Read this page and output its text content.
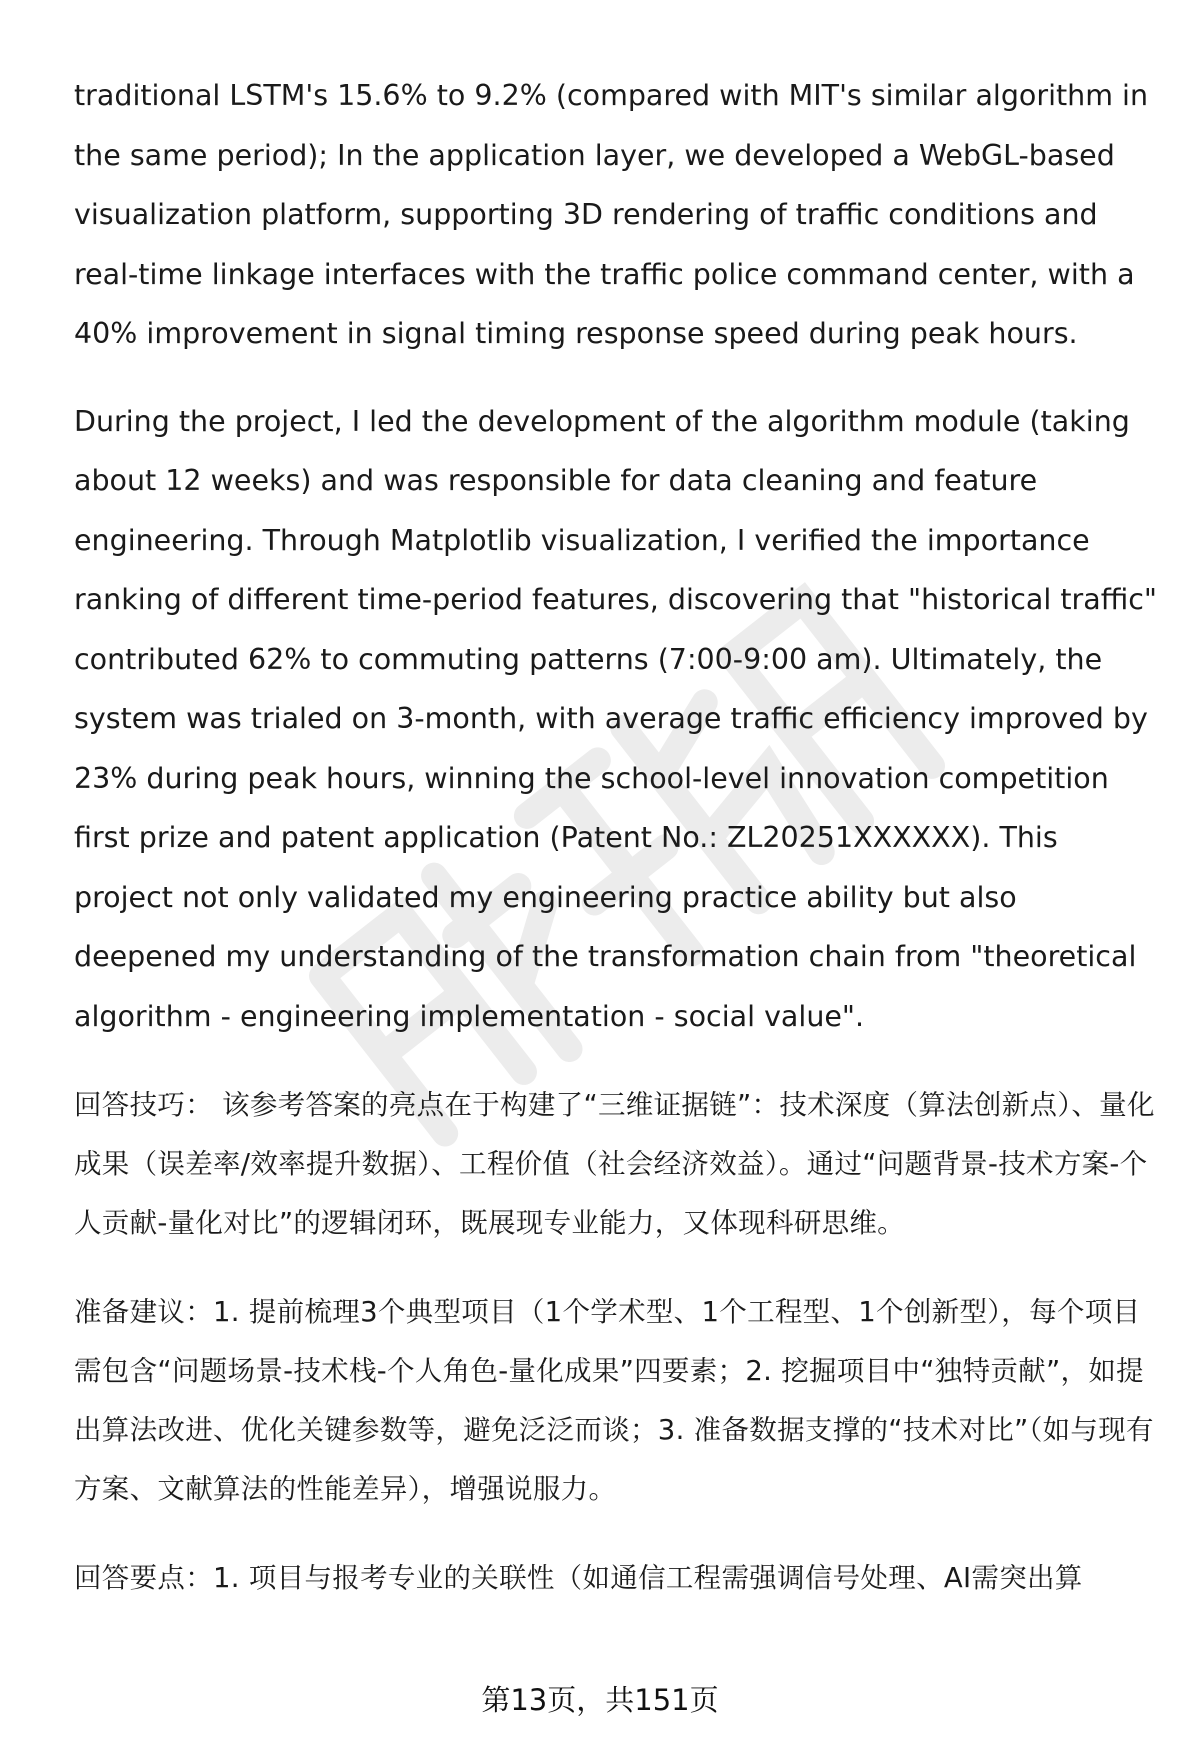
traditional LSTM's 15.6% to 9.2% (compared with MIT's similar algorithm in the same period); In the application layer, we developed a WebGL-based visualization platform, supporting 3D rendering of traffic conditions and real-time linkage interfaces with the traffic police command center, with a 40% improvement in signal timing response speed during peak hours.

During the project, I led the development of the algorithm module (taking about 12 weeks) and was responsible for data cleaning and feature engineering. Through Matplotlib visualization, I verified the importance ranking of different time-period features, discovering that "historical traffic" contributed 62% to commuting patterns (7:00-9:00 am). Ultimately, the system was trialed on 3-month, with average traffic efficiency improved by 23% during peak hours, winning the school-level innovation competition first prize and patent application (Patent No.: ZL20251XXXXXX). This project not only validated my engineering practice ability but also deepened my understanding of the transformation chain from "theoretical algorithm - engineering implementation - social value".

回答技巧： 该参考答案的亮点在于构建了“三维证据链”：技术深度（算法创新点）、量化成果（误差率/效率提升数据）、工程价值（社会经济效益）。通过“问题背景-技术方案-个人贡献-量化对比”的逻辑闭环，既展现专业能力，又体现科研思维。

准备建议：1. 提前梳理3个典型项目（1个学术型、1个工程型、1个创新型），每个项目需包含“问题场景-技术栈-个人角色-量化成果”四要素；2. 挖掘项目中“独特贡献”，如提出算法改进、优化关键参数等，避免泛泛而谈；3. 准备数据支撑的“技术对比”（如与现有方案、文献算法的性能差异），增强说服力。

回答要点：1. 项目与报考专业的关联性（如通信工程需强调信号处理、AI需突出算

第13页，共151页
